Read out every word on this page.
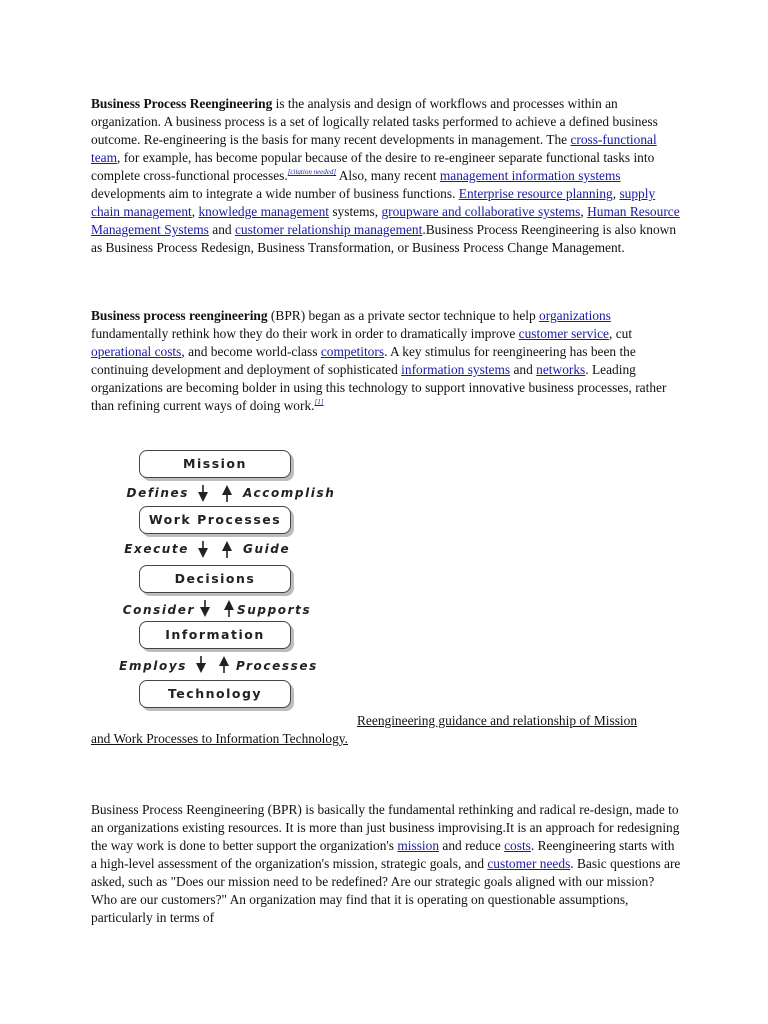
Business Process Reengineering is the analysis and design of workflows and processes within an organization. A business process is a set of logically related tasks performed to achieve a defined business outcome. Re-engineering is the basis for many recent developments in management. The cross-functional team, for example, has become popular because of the desire to re-engineer separate functional tasks into complete cross-functional processes.[citation needed] Also, many recent management information systems developments aim to integrate a wide number of business functions. Enterprise resource planning, supply chain management, knowledge management systems, groupware and collaborative systems, Human Resource Management Systems and customer relationship management.Business Process Reengineering is also known as Business Process Redesign, Business Transformation, or Business Process Change Management.

Business process reengineering (BPR) began as a private sector technique to help organizations fundamentally rethink how they do their work in order to dramatically improve customer service, cut operational costs, and become world-class competitors. A key stimulus for reengineering has been the continuing development and deployment of sophisticated information systems and networks. Leading organizations are becoming bolder in using this technology to support innovative business processes, rather than refining current ways of doing work.[1]

Mission
Work Processes
Decisions
Information
Technology
Defines	Accomplish
Execute	Guide
Consider	Supports
Employs	Processes
Reengineering guidance and relationship of Mission
and Work Processes to Information Technology.

Business Process Reengineering (BPR) is basically the fundamental rethinking and radical re-design, made to an organizations existing resources. It is more than just business improvising.It is an approach for redesigning the way work is done to better support the organization's mission and reduce costs. Reengineering starts with a high-level assessment of the organization's mission, strategic goals, and customer needs. Basic questions are asked, such as "Does our mission need to be redefined? Are our strategic goals aligned with our mission? Who are our customers?" An organization may find that it is operating on questionable assumptions, particularly in terms of
